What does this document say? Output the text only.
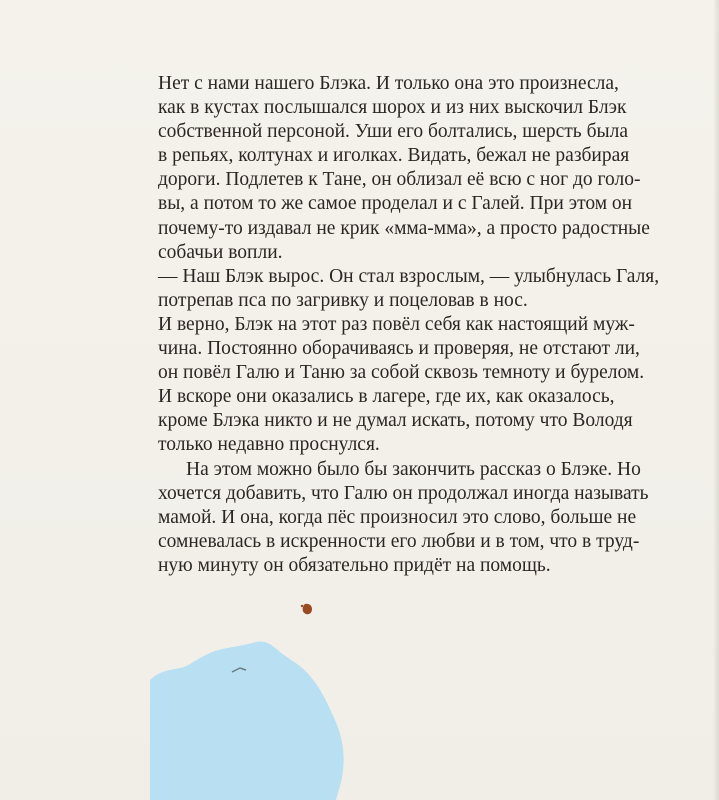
Нет с нами нашего Блэка. И только она это произнесла,
как в кустах послышался шорох и из них выскочил Блэк
собственной персоной. Уши его болтались, шерсть была
в репьях, колтунах и иголках. Видать, бежал не разбирая
дороги. Подлетев к Тане, он облизал её всю с ног до голо-
вы, а потом то же самое проделал и с Галей. При этом он
почему-то издавал не крик «мма-мма», а просто радостные
собачьи вопли.
— Наш Блэк вырос. Он стал взрослым, — улыбнулась Галя,
потрепав пса по загривку и поцеловав в нос.
И верно, Блэк на этот раз повёл себя как настоящий муж-
чина. Постоянно оборачиваясь и проверяя, не отстают ли,
он повёл Галю и Таню за собой сквозь темноту и бурелом.
И вскоре они оказались в лагере, где их, как оказалось,
кроме Блэка никто и не думал искать, потому что Володя
только недавно проснулся.
На этом можно было бы закончить рассказ о Блэке. Но
хочется добавить, что Галю он продолжал иногда называть
мамой. И она, когда пёс произносил это слово, больше не
сомневалась в искренности его любви и в том, что в труд-
ную минуту он обязательно придёт на помощь.
